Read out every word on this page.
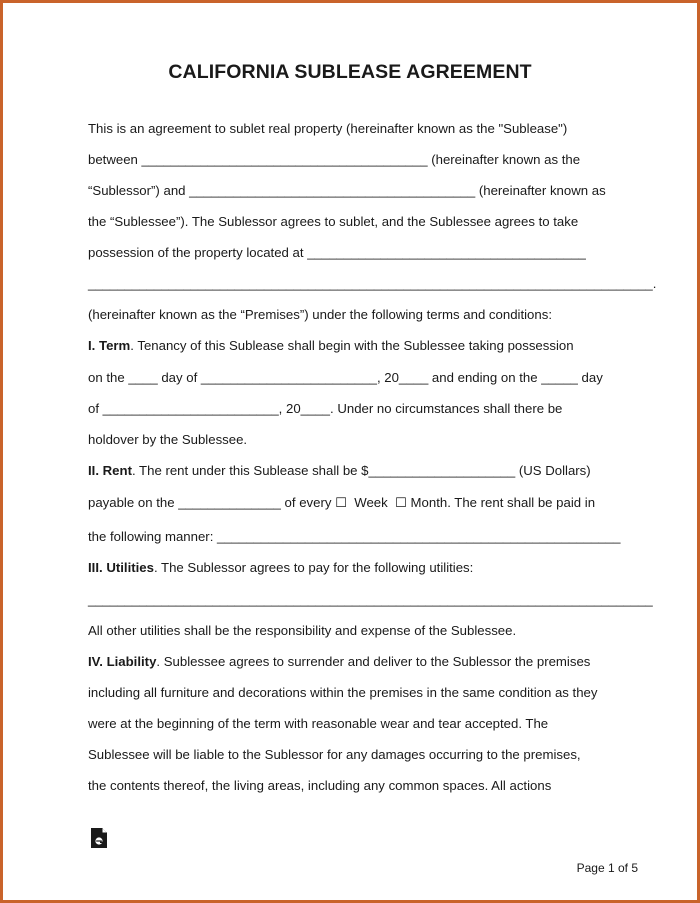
CALIFORNIA SUBLEASE AGREEMENT

This is an agreement to sublet real property (hereinafter known as the "Sublease")

between _______________________________________ (hereinafter known as the

“Sublessor”) and _______________________________________ (hereinafter known as

the “Sublessee”). The Sublessor agrees to sublet, and the Sublessee agrees to take

possession of the property located at ______________________________________

_____________________________________________________________________________.

(hereinafter known as the “Premises”) under the following terms and conditions:

I. Term. Tenancy of this Sublease shall begin with the Sublessee taking possession

on the ____ day of ________________________, 20____ and ending on the _____ day

of ________________________, 20____. Under no circumstances shall there be

holdover by the Sublessee.

II. Rent. The rent under this Sublease shall be $____________________ (US Dollars)

payable on the ______________ of every ☐  Week  ☐ Month. The rent shall be paid in

the following manner: _______________________________________________________

III. Utilities. The Sublessor agrees to pay for the following utilities:

_____________________________________________________________________________

All other utilities shall be the responsibility and expense of the Sublessee.

IV. Liability. Sublessee agrees to surrender and deliver to the Sublessor the premises

including all furniture and decorations within the premises in the same condition as they

were at the beginning of the term with reasonable wear and tear accepted. The

Sublessee will be liable to the Sublessor for any damages occurring to the premises,

the contents thereof, the living areas, including any common spaces. All actions

Page 1 of 5
